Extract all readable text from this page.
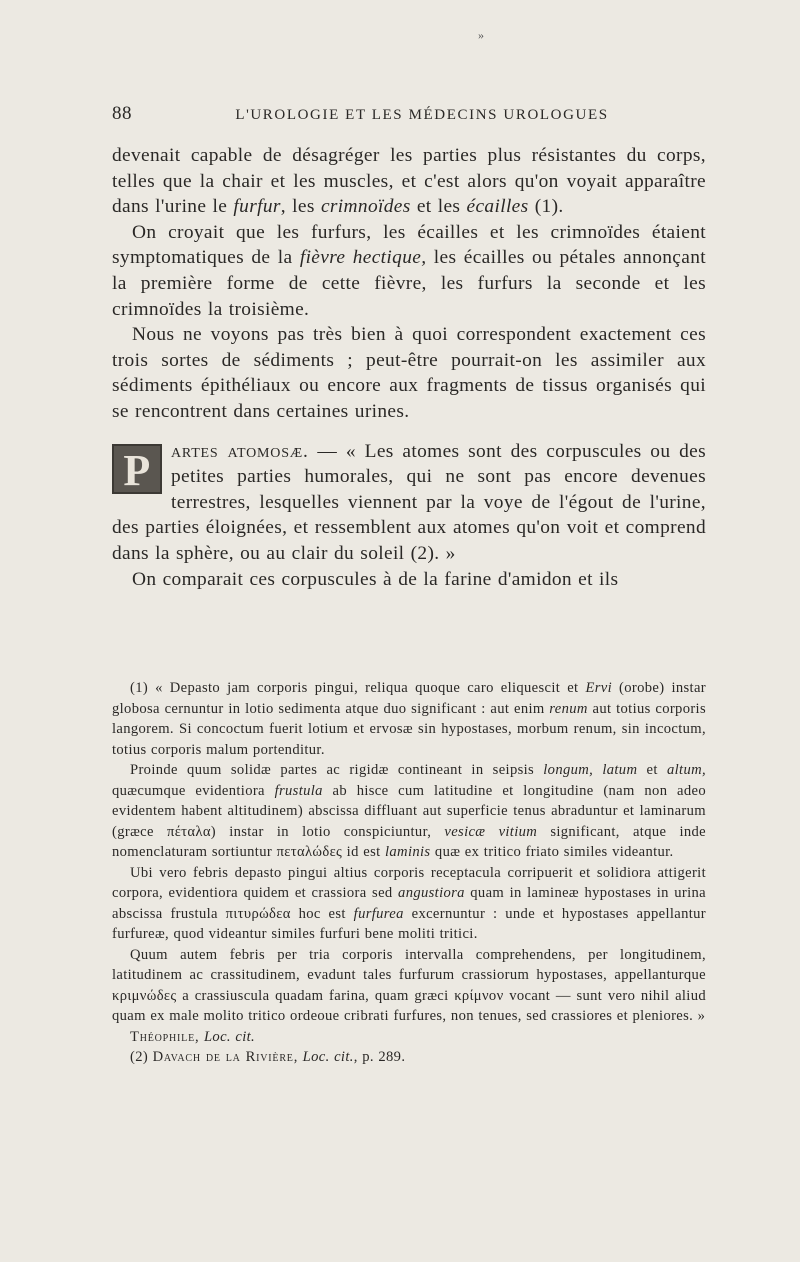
»
88	L'UROLOGIE ET LES MÉDECINS UROLOGUES

devenait capable de désagréger les parties plus résistantes du corps, telles que la chair et les muscles, et c'est alors qu'on voyait apparaître dans l'urine le furfur, les crimnoïdes et les écailles (1).

On croyait que les furfurs, les écailles et les crimnoïdes étaient symptomatiques de la fièvre hectique, les écailles ou pétales annonçant la première forme de cette fièvre, les furfurs la seconde et les crimnoïdes la troisième.

Nous ne voyons pas très bien à quoi correspondent exactement ces trois sortes de sédiments ; peut-être pourrait-on les assimiler aux sédiments épithéliaux ou encore aux fragments de tissus organisés qui se rencontrent dans certaines urines.

P	artes atomosæ. — « Les atomes sont des corpuscules ou des petites parties humorales, qui ne sont pas encore devenues terrestres, lesquelles viennent par la voye de l'égout de l'urine, des parties éloignées, et ressemblent aux atomes qu'on voit et comprend dans la sphère, ou au clair du soleil (2). »

On comparait ces corpuscules à de la farine d'amidon et ils

(1) « Depasto jam corporis pingui, reliqua quoque caro eliquescit et Ervi (orobe) instar globosa cernuntur in lotio sedimenta atque duo significant : aut enim renum aut totius corporis langorem. Si concoctum fuerit lotium et ervosæ sin hypostases, morbum renum, sin incoctum, totius corporis malum portenditur.

Proinde quum solidæ partes ac rigidæ contineant in seipsis longum, latum et altum, quæcumque evidentiora frustula ab hisce cum latitudine et longitudine (nam non adeo evidentem habent altitudinem) abscissa diffluant aut superficie tenus abraduntur et laminarum (græce πέταλα) instar in lotio conspiciuntur, vesicæ vitium significant, atque inde nomenclaturam sortiuntur πεταλώδες id est laminis quæ ex tritico friato similes videantur.

Ubi vero febris depasto pingui altius corporis receptacula corripuerit et solidiora attigerit corpora, evidentiora quidem et crassiora sed angustiora quam in lamineæ hypostases in urina abscissa frustula πιτυρώδεα hoc est furfurea excernuntur : unde et hypostases appellantur furfureæ, quod videantur similes furfuri bene moliti tritici.

Quum autem febris per tria corporis intervalla comprehendens, per longitudinem, latitudinem ac crassitudinem, evadunt tales furfurum crassiorum hypostases, appellanturque κριμνώδες a crassiuscula quadam farina, quam græci κρίμνον vocant — sunt vero nihil aliud quam ex male molito tritico ordeoue cribrati furfures, non tenues, sed crassiores et pleniores. »

Théophile, Loc. cit.

(2) Davach de la Rivière, Loc. cit., p. 289.
